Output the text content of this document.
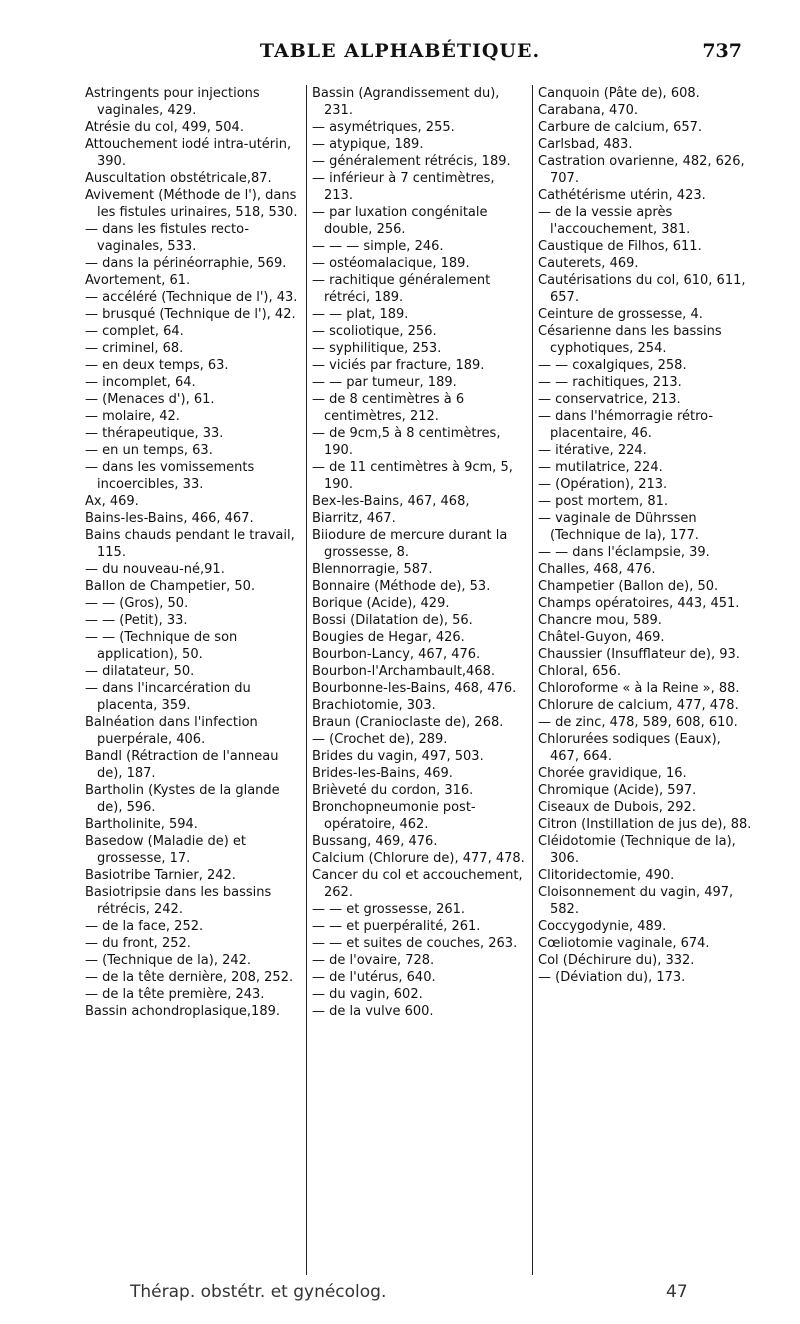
TABLE ALPHABÉTIQUE.	737

Astringents pour injections vaginales, 429.

Atrésie du col, 499, 504.

Attouchement iodé intra-utérin, 390.

Auscultation obstétricale,87.

Avivement (Méthode de l'), dans les fistules urinaires, 518, 530.

— dans les fistules recto-vaginales, 533.

— dans la périnéorraphie, 569.

Avortement, 61.

— accéléré (Technique de l'), 43.

— brusqué (Technique de l'), 42.

— complet, 64.

— criminel, 68.

— en deux temps, 63.

— incomplet, 64.

— (Menaces d'), 61.

— molaire, 42.

— thérapeutique, 33.

— en un temps, 63.

— dans les vomissements incoercibles, 33.

Ax, 469.

Bains-les-Bains, 466, 467.

Bains chauds pendant le travail, 115.

— du nouveau-né,91.

Ballon de Champetier, 50.

— — (Gros), 50.

— — (Petit), 33.

— — (Technique de son application), 50.

— dilatateur, 50.

— dans l'incarcération du placenta, 359.

Balnéation dans l'infection puerpérale, 406.

Bandl (Rétraction de l'anneau de), 187.

Bartholin (Kystes de la glande de), 596.

Bartholinite, 594.

Basedow (Maladie de) et grossesse, 17.

Basiotribe Tarnier, 242.

Basiotripsie dans les bassins rétrécis, 242.

— de la face, 252.

— du front, 252.

— (Technique de la), 242.

— de la tête dernière, 208, 252.

— de la tête première, 243.

Bassin achondroplasique,189.

Bassin (Agrandissement du), 231.

— asymétriques, 255.

— atypique, 189.

— généralement rétrécis, 189.

— inférieur à 7 centimètres, 213.

— par luxation congénitale double, 256.

— — — simple, 246.

— ostéomalacique, 189.

— rachitique généralement rétréci, 189.

— — plat, 189.

— scoliotique, 256.

— syphilitique, 253.

— viciés par fracture, 189.

— — par tumeur, 189.

— de 8 centimètres à 6 centimètres, 212.

— de 9cm,5 à 8 centimètres, 190.

— de 11 centimètres à 9cm, 5, 190.

Bex-les-Bains, 467, 468,

Biarritz, 467.

Biiodure de mercure durant la grossesse, 8.

Blennorragie, 587.

Bonnaire (Méthode de), 53.

Borique (Acide), 429.

Bossi (Dilatation de), 56.

Bougies de Hegar, 426.

Bourbon-Lancy, 467, 476.

Bourbon-l'Archambault,468.

Bourbonne-les-Bains, 468, 476.

Brachiotomie, 303.

Braun (Cranioclaste de), 268.

— (Crochet de), 289.

Brides du vagin, 497, 503.

Brides-les-Bains, 469.

Brièveté du cordon, 316.

Bronchopneumonie post-opératoire, 462.

Bussang, 469, 476.

Calcium (Chlorure de), 477, 478.

Cancer du col et accouchement, 262.

— — et grossesse, 261.

— — et puerpéralité, 261.

— — et suites de couches, 263.

— de l'ovaire, 728.

— de l'utérus, 640.

— du vagin, 602.

— de la vulve 600.

Canquoin (Pâte de), 608.

Carabana, 470.

Carbure de calcium, 657.

Carlsbad, 483.

Castration ovarienne, 482, 626, 707.

Cathétérisme utérin, 423.

— de la vessie après l'accouchement, 381.

Caustique de Filhos, 611.

Cauterets, 469.

Cautérisations du col, 610, 611, 657.

Ceinture de grossesse, 4.

Césarienne dans les bassins cyphotiques, 254.

— — coxalgiques, 258.

— — rachitiques, 213.

— conservatrice, 213.

— dans l'hémorragie rétro-placentaire, 46.

— itérative, 224.

— mutilatrice, 224.

— (Opération), 213.

— post mortem, 81.

— vaginale de Dührssen (Technique de la), 177.

— — dans l'éclampsie, 39.

Challes, 468, 476.

Champetier (Ballon de), 50.

Champs opératoires, 443, 451.

Chancre mou, 589.

Châtel-Guyon, 469.

Chaussier (Insufflateur de), 93.

Chloral, 656.

Chloroforme « à la Reine », 88.

Chlorure de calcium, 477, 478.

— de zinc, 478, 589, 608, 610.

Chlorurées sodiques (Eaux), 467, 664.

Chorée gravidique, 16.

Chromique (Acide), 597.

Ciseaux de Dubois, 292.

Citron (Instillation de jus de), 88.

Cléidotomie (Technique de la), 306.

Clitoridectomie, 490.

Cloisonnement du vagin, 497, 582.

Coccygodynie, 489.

Cœliotomie vaginale, 674.

Col (Déchirure du), 332.

— (Déviation du), 173.

Thérap. obstétr. et gynécolog.	47
